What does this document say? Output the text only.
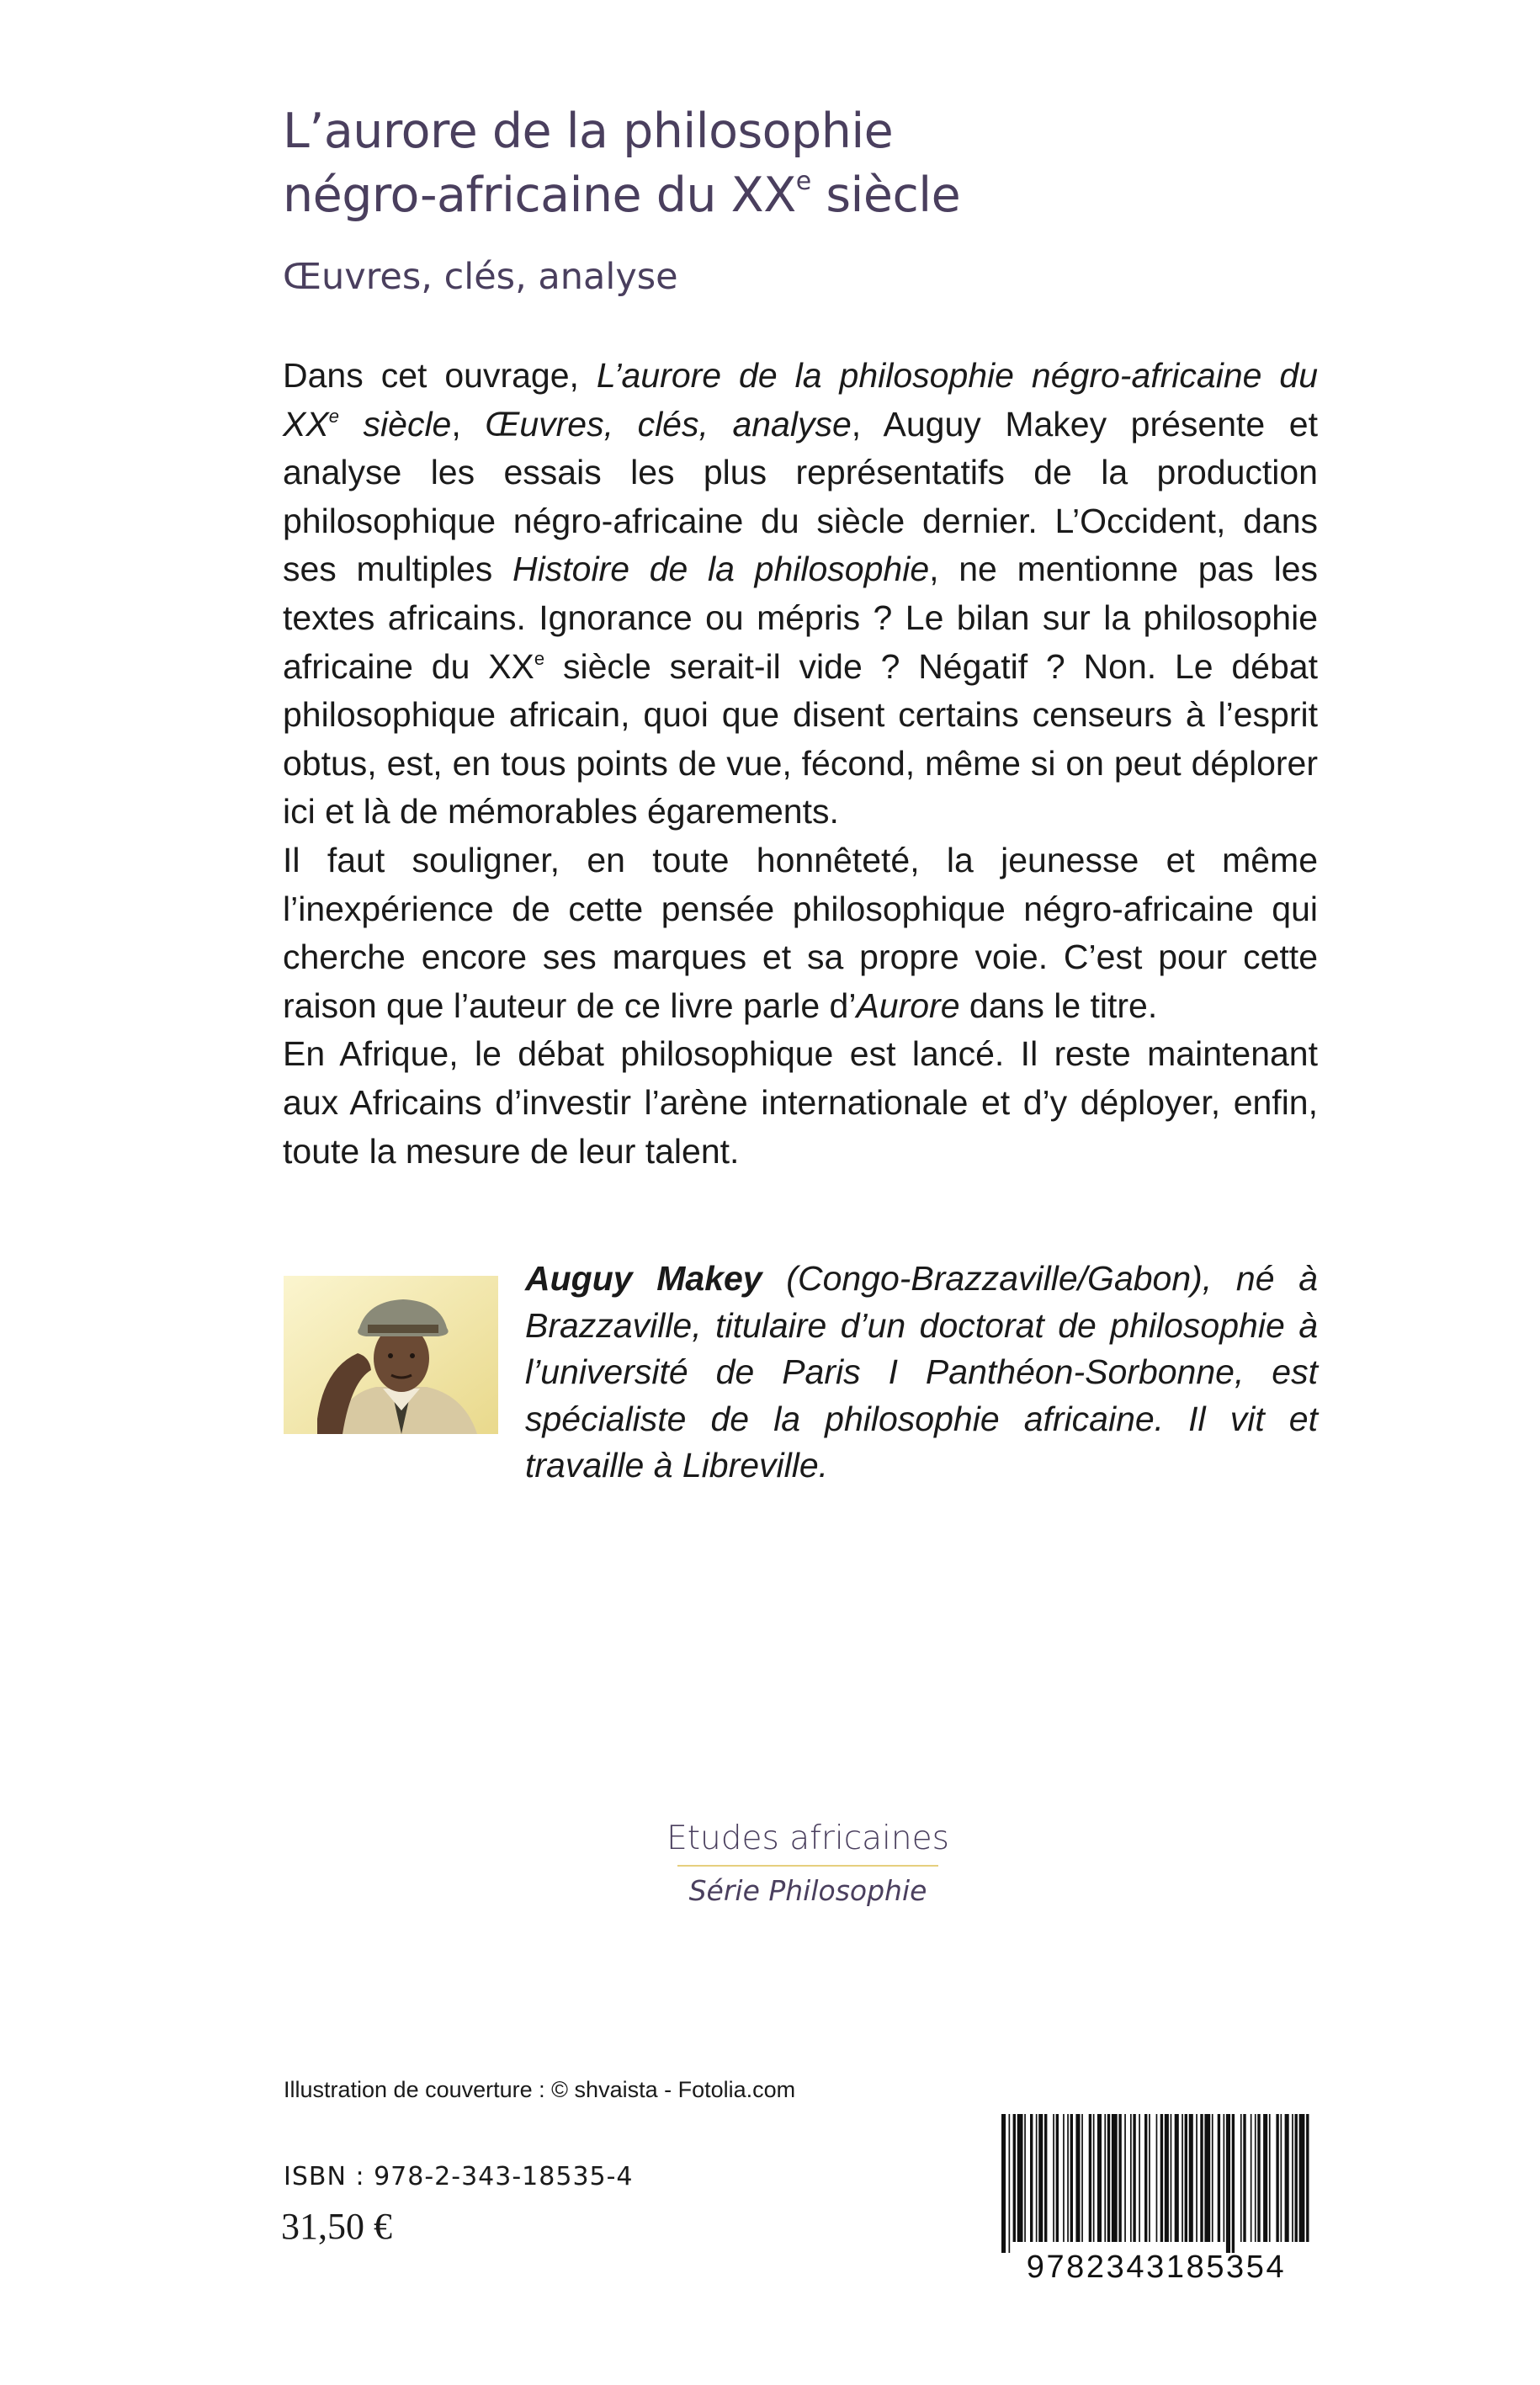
L’aurore de la philosophie
négro-africaine du XXe siècle
Œuvres, clés, analyse

Dans cet ouvrage, L’aurore de la philosophie négro-africaine du XXe siècle, Œuvres, clés, analyse, Auguy Makey présente et analyse les essais les plus représentatifs de la production philosophique négro-africaine du siècle dernier. L’Occident, dans ses multiples Histoire de la philosophie, ne mentionne pas les textes africains. Ignorance ou mépris ? Le bilan sur la philosophie africaine du XXe siècle serait-il vide ? Négatif ? Non. Le débat philosophique africain, quoi que disent certains censeurs à l’esprit obtus, est, en tous points de vue, fécond, même si on peut déplorer ici et là de mémorables égarements.

Il faut souligner, en toute honnêteté, la jeunesse et même l’inexpérience de cette pensée philosophique négro-africaine qui cherche encore ses marques et sa propre voie. C’est pour cette raison que l’auteur de ce livre parle d’Aurore dans le titre.

En Afrique, le débat philosophique est lancé. Il reste maintenant aux Africains d’investir l’arène internationale et d’y déployer, enfin, toute la mesure de leur talent.

Auguy Makey (Congo-Brazzaville/Gabon), né à Brazzaville, titulaire d’un doctorat de philosophie à l’université de Paris I Panthéon-Sorbonne, est spécialiste de la philosophie africaine. Il vit et travaille à Libreville.

Etudes africaines
Série Philosophie
Illustration de couverture : © shvaista - Fotolia.com
ISBN : 978-2-343-18535-4
31,50 €
9782343185354
